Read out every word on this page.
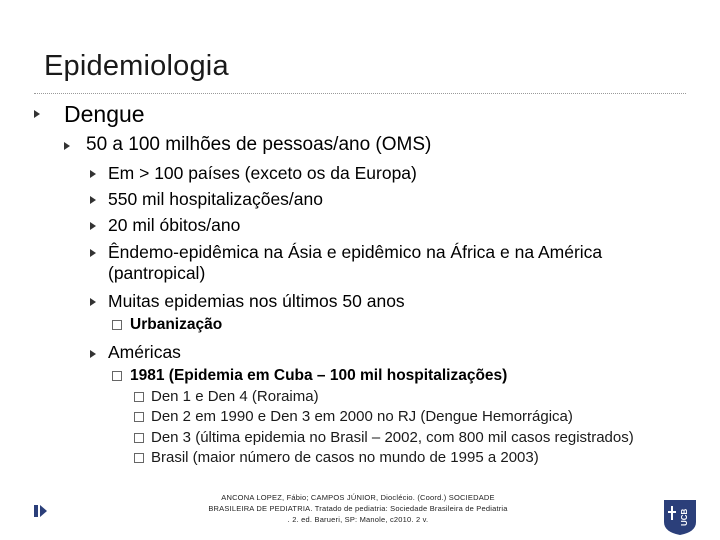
Epidemiologia
Dengue
50 a 100 milhões de pessoas/ano (OMS)
Em > 100 países (exceto os da Europa)
550 mil hospitalizações/ano
20 mil óbitos/ano
Êndemo-epidêmica na Ásia e epidêmico na África e na América
(pantropical)
Muitas epidemias nos últimos 50 anos
Urbanização
Américas
1981 (Epidemia em Cuba – 100 mil hospitalizações)
Den 1 e Den 4 (Roraima)
Den 2 em 1990 e Den 3 em 2000 no RJ (Dengue Hemorrágica)
Den 3 (última epidemia no Brasil – 2002, com 800 mil casos registrados)
Brasil (maior número de casos no mundo de 1995 a 2003)
ANCONA LOPEZ, Fábio; CAMPOS JÚNIOR, Dioclécio. (Coord.) SOCIEDADE
BRASILEIRA DE PEDIATRIA. Tratado de pediatria: Sociedade Brasileira de Pediatria
. 2. ed. Barueri, SP: Manole, c2010. 2 v.	UCB
